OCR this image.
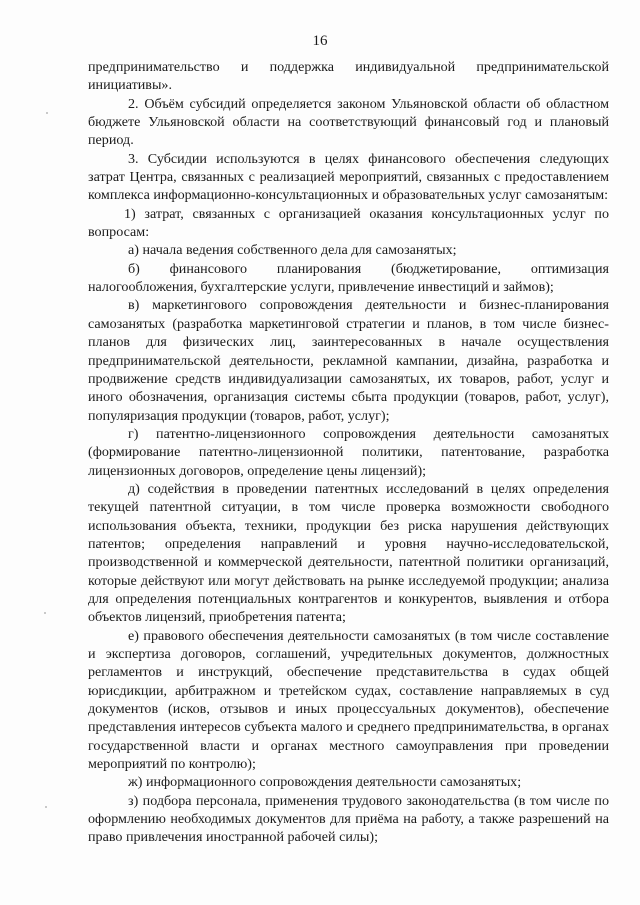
16

предпринимательство и поддержка индивидуальной предпринимательской инициативы».

2. Объём субсидий определяется законом Ульяновской области об областном бюджете Ульяновской области на соответствующий финансовый год и плановый период.

3. Субсидии используются в целях финансового обеспечения следующих затрат Центра, связанных с реализацией мероприятий, связанных с предоставлением комплекса информационно-консультационных и образовательных услуг самозанятым:

1) затрат, связанных с организацией оказания консультационных услуг по вопросам:

а) начала ведения собственного дела для самозанятых;

б) финансового планирования (бюджетирование, оптимизация налогообложения, бухгалтерские услуги, привлечение инвестиций и займов);

в) маркетингового сопровождения деятельности и бизнес-планирования самозанятых (разработка маркетинговой стратегии и планов, в том числе бизнес-планов для физических лиц, заинтересованных в начале осуществления предпринимательской деятельности, рекламной кампании, дизайна, разработка и продвижение средств индивидуализации самозанятых, их товаров, работ, услуг и иного обозначения, организация системы сбыта продукции (товаров, работ, услуг), популяризация продукции (товаров, работ, услуг);

г) патентно-лицензионного сопровождения деятельности самозанятых (формирование патентно-лицензионной политики, патентование, разработка лицензионных договоров, определение цены лицензий);

д) содействия в проведении патентных исследований в целях определения текущей патентной ситуации, в том числе проверка возможности свободного использования объекта, техники, продукции без риска нарушения действующих патентов; определения направлений и уровня научно-исследовательской, производственной и коммерческой деятельности, патентной политики организаций, которые действуют или могут действовать на рынке исследуемой продукции; анализа для определения потенциальных контрагентов и конкурентов, выявления и отбора объектов лицензий, приобретения патента;

е) правового обеспечения деятельности самозанятых (в том числе составление и экспертиза договоров, соглашений, учредительных документов, должностных регламентов и инструкций, обеспечение представительства в судах общей юрисдикции, арбитражном и третейском судах, составление направляемых в суд документов (исков, отзывов и иных процессуальных документов), обеспечение представления интересов субъекта малого и среднего предпринимательства, в органах государственной власти и органах местного самоуправления при проведении мероприятий по контролю);

ж) информационного сопровождения деятельности самозанятых;

з) подбора персонала, применения трудового законодательства (в том числе по оформлению необходимых документов для приёма на работу, а также разрешений на право привлечения иностранной рабочей силы);
